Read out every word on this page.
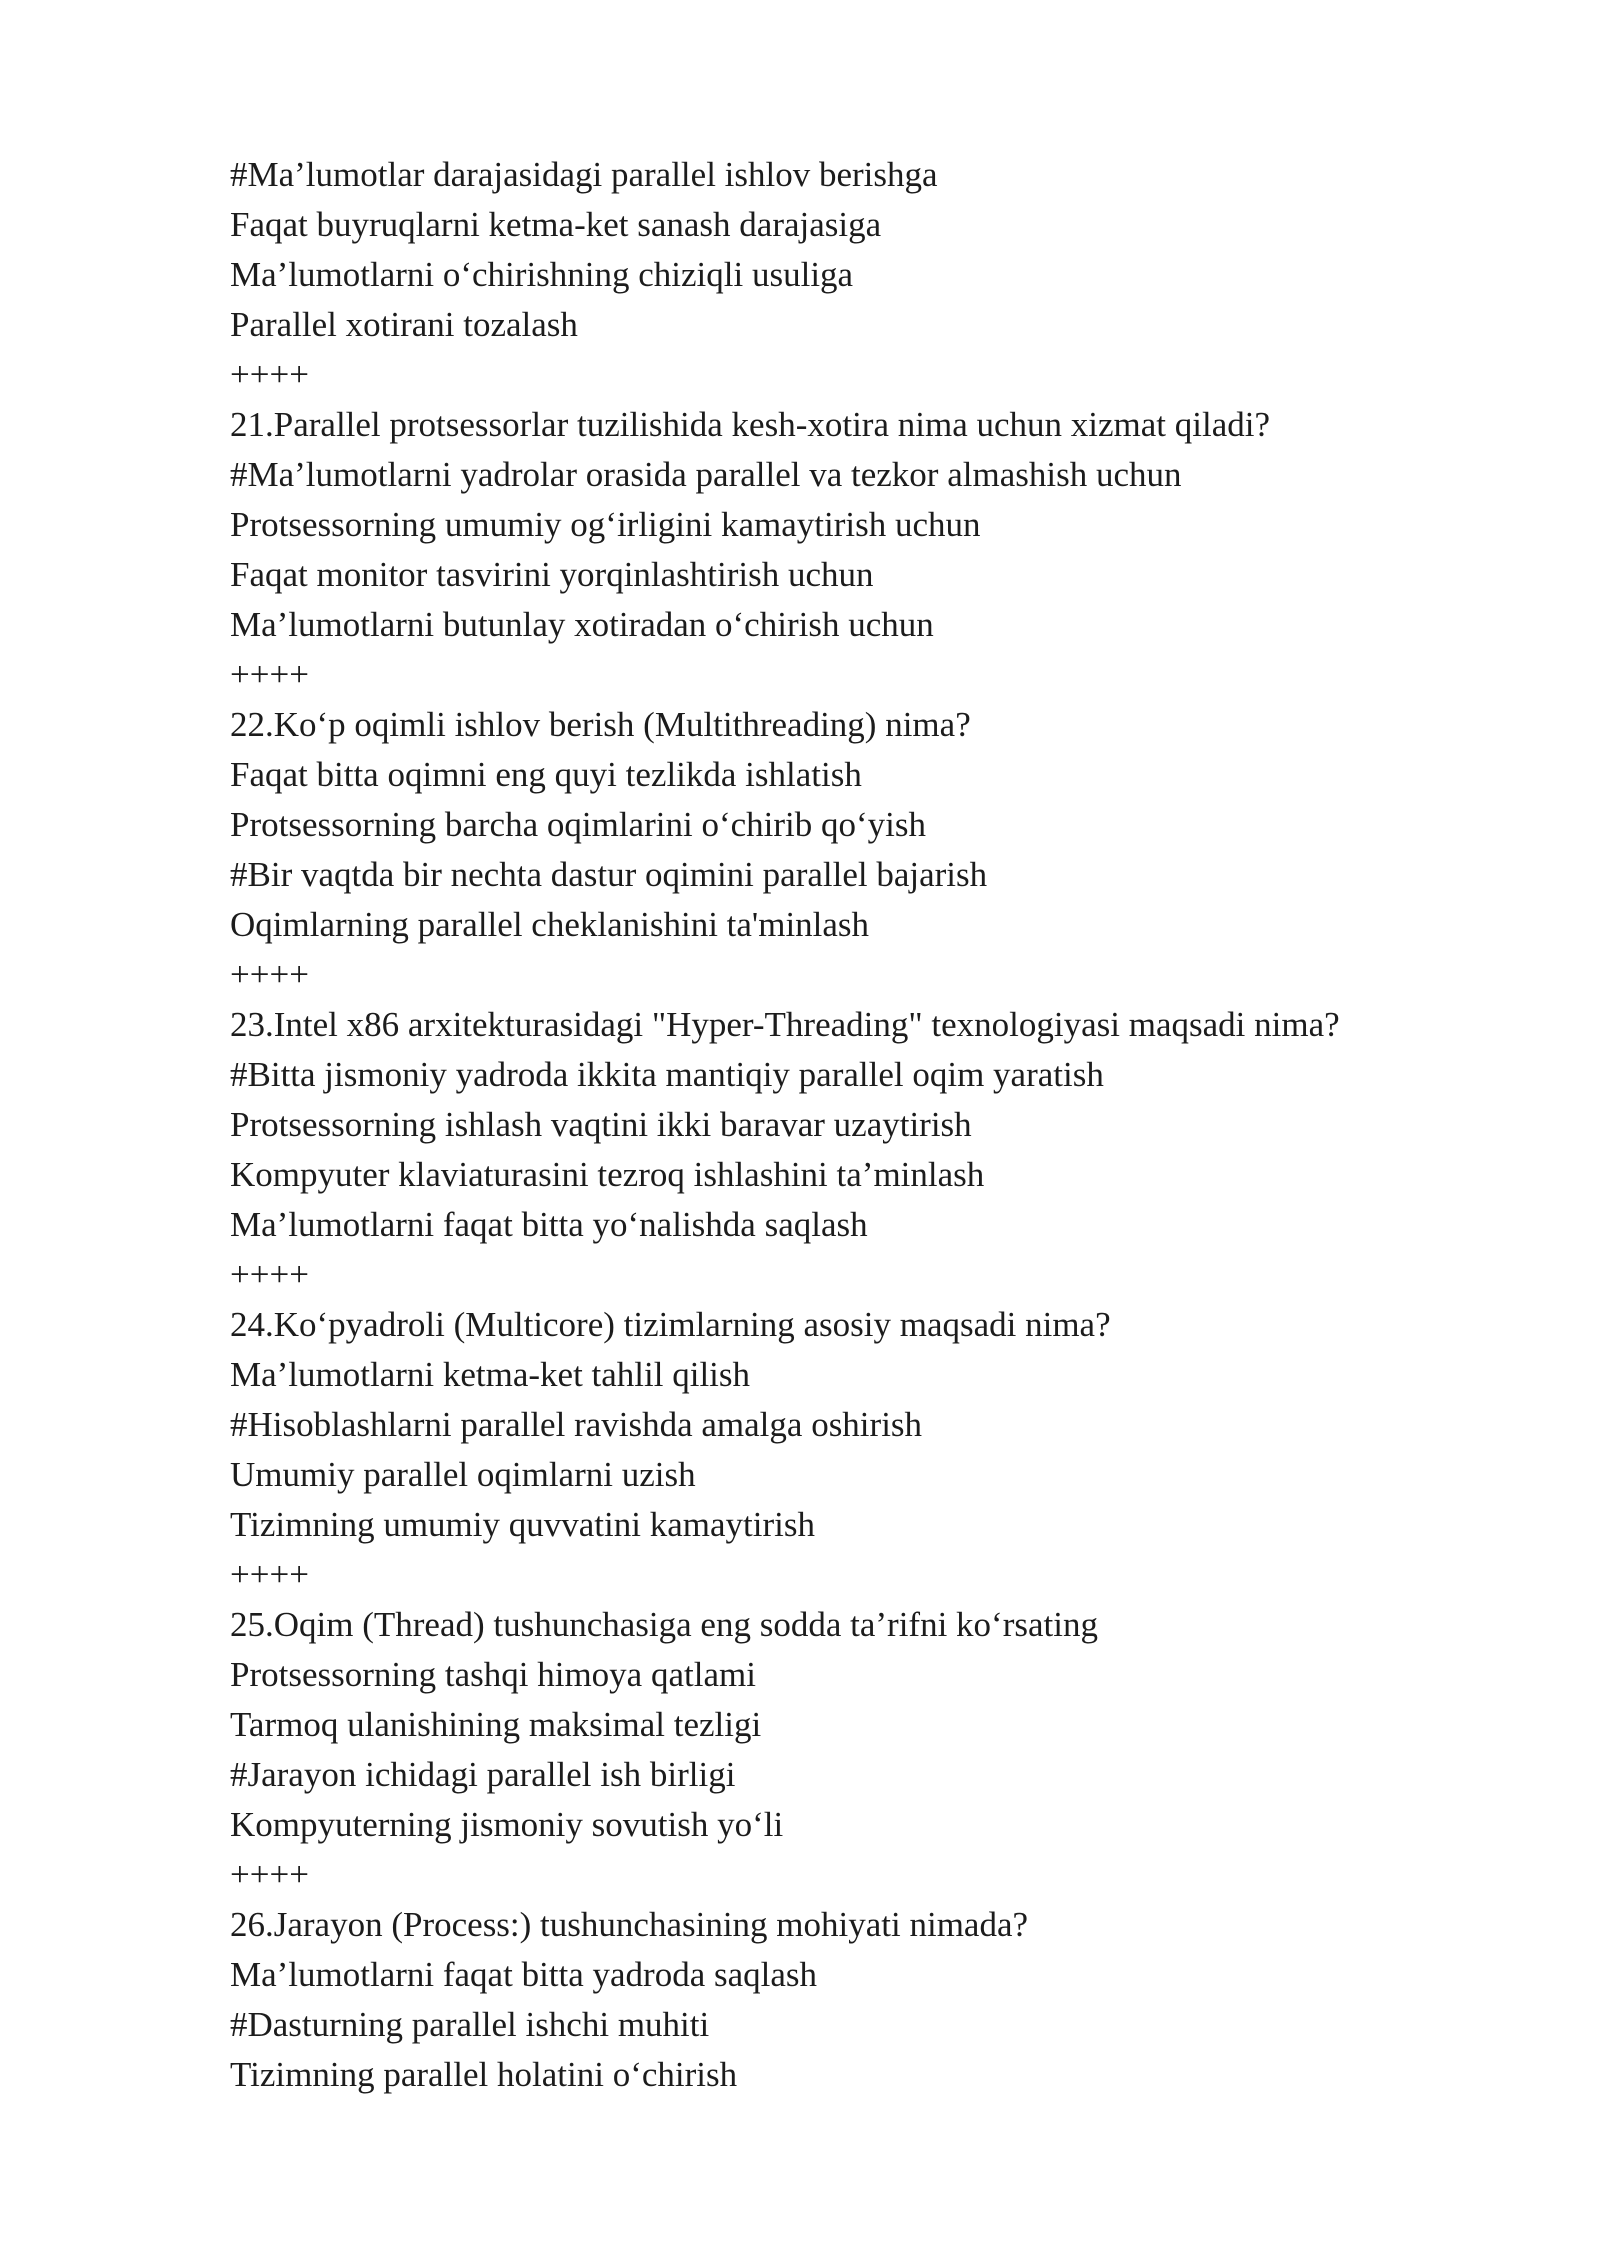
#Ma’lumotlar darajasidagi parallel ishlov berishga
Faqat buyruqlarni ketma-ket sanash darajasiga
Ma’lumotlarni o‘chirishning chiziqli usuliga
Parallel xotirani tozalash
++++
21.Parallel protsessorlar tuzilishida kesh-xotira nima uchun xizmat qiladi?
#Ma’lumotlarni yadrolar orasida parallel va tezkor almashish uchun
Protsessorning umumiy og‘irligini kamaytirish uchun
Faqat monitor tasvirini yorqinlashtirish uchun
Ma’lumotlarni butunlay xotiradan o‘chirish uchun
++++
22.Ko‘p oqimli ishlov berish (Multithreading) nima?
Faqat bitta oqimni eng quyi tezlikda ishlatish
Protsessorning barcha oqimlarini o‘chirib qo‘yish
#Bir vaqtda bir nechta dastur oqimini parallel bajarish
Oqimlarning parallel cheklanishini ta'minlash
++++
23.Intel x86 arxitekturasidagi "Hyper-Threading" texnologiyasi maqsadi nima?
#Bitta jismoniy yadroda ikkita mantiqiy parallel oqim yaratish
Protsessorning ishlash vaqtini ikki baravar uzaytirish
Kompyuter klaviaturasini tezroq ishlashini ta’minlash
Ma’lumotlarni faqat bitta yo‘nalishda saqlash
++++
24.Ko‘pyadroli (Multicore) tizimlarning asosiy maqsadi nima?
Ma’lumotlarni ketma-ket tahlil qilish
#Hisoblashlarni parallel ravishda amalga oshirish
Umumiy parallel oqimlarni uzish
Tizimning umumiy quvvatini kamaytirish
++++
25.Oqim (Thread) tushunchasiga eng sodda ta’rifni ko‘rsating
Protsessorning tashqi himoya qatlami
Tarmoq ulanishining maksimal tezligi
#Jarayon ichidagi parallel ish birligi
Kompyuterning jismoniy sovutish yo‘li
++++
26.Jarayon (Process:) tushunchasining mohiyati nimada?
Ma’lumotlarni faqat bitta yadroda saqlash
#Dasturning parallel ishchi muhiti
Tizimning parallel holatini o‘chirish
